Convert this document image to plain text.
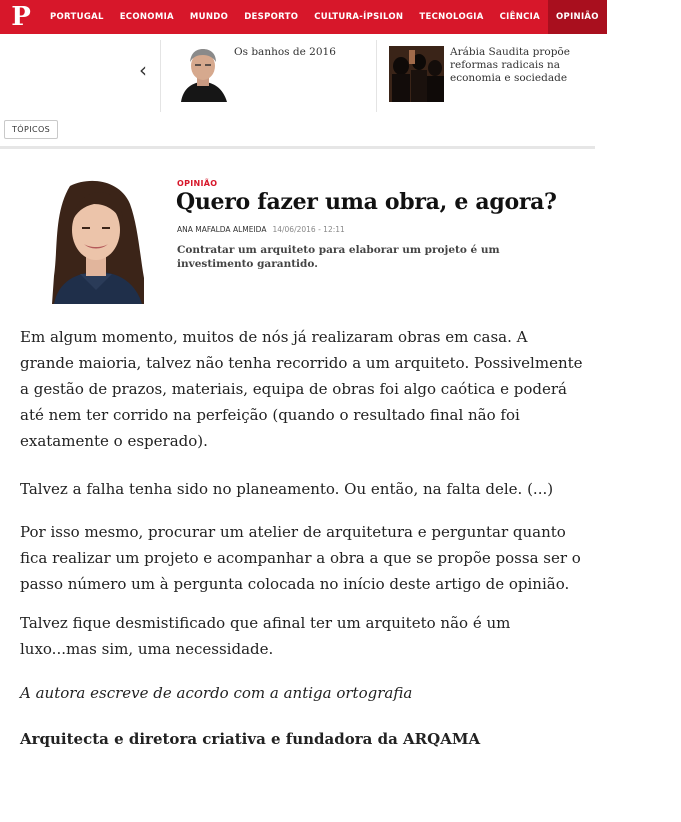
P	PORTUGAL	ECONOMIA	MUNDO	DESPORTO	CULTURA-ÍPSILON	TECNOLOGIA	CIÊNCIA	OPINIÃO	SOCIEDADE
‹
Os banhos de 2016	Arábia Saudita propõe reformas radicais na economia e sociedade
TÓPICOS
OPINIÃO
Quero fazer uma obra, e agora?
ANA MAFALDA ALMEIDA 14/06/2016 - 12:11
Contratar um arquiteto para elaborar um projeto é um investimento garantido.

Em algum momento, muitos de nós já realizaram obras em casa. A grande maioria, talvez não tenha recorrido a um arquiteto. Possivelmente a gestão de prazos, materiais, equipa de obras foi algo caótica e poderá até nem ter corrido na perfeição (quando o resultado final não foi exatamente o esperado).

Talvez a falha tenha sido no planeamento. Ou então, na falta dele. (...)

Por isso mesmo, procurar um atelier de arquitetura e perguntar quanto fica realizar um projeto e acompanhar a obra a que se propõe possa ser o passo número um à pergunta colocada no início deste artigo de opinião.

Talvez fique desmistificado que afinal ter um arquiteto não é um luxo...mas sim, uma necessidade.

A autora escreve de acordo com a antiga ortografia

Arquitecta e diretora criativa e fundadora da ARQAMA
